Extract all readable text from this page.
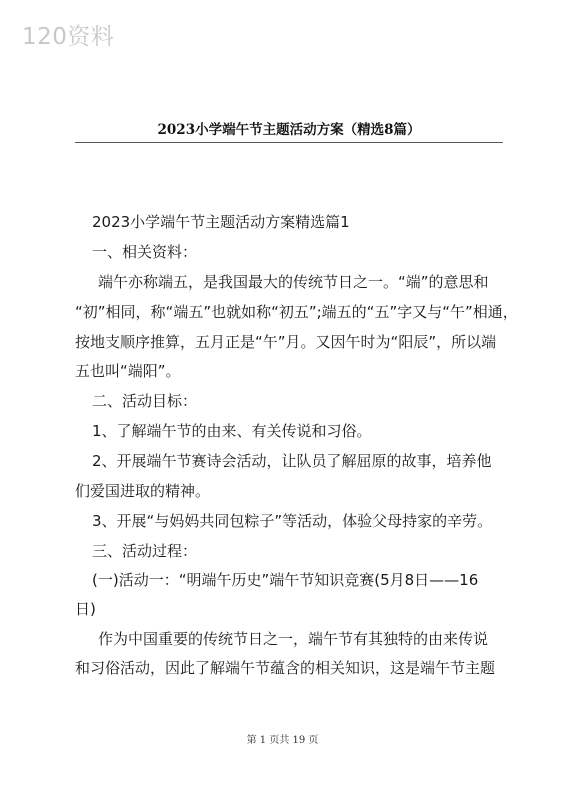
120资料
2023小学端午节主题活动方案（精选8篇）
2023小学端午节主题活动方案精选篇1
一、相关资料：
端午亦称端五，是我国最大的传统节日之一。“端”的意思和
“初”相同，称“端五”也就如称“初五”;端五的“五”字又与“午”相通，
按地支顺序推算，五月正是“午”月。又因午时为“阳辰”，所以端
五也叫“端阳”。
二、活动目标：
1、了解端午节的由来、有关传说和习俗。
2、开展端午节赛诗会活动，让队员了解屈原的故事，培养他
们爱国进取的精神。
3、开展“与妈妈共同包粽子”等活动，体验父母持家的辛劳。
三、活动过程：
(一)活动一：“明端午历史”端午节知识竞赛(5月8日——16
日)
作为中国重要的传统节日之一，端午节有其独特的由来传说
和习俗活动，因此了解端午节蕴含的相关知识，这是端午节主题
第 1 页共 19 页
